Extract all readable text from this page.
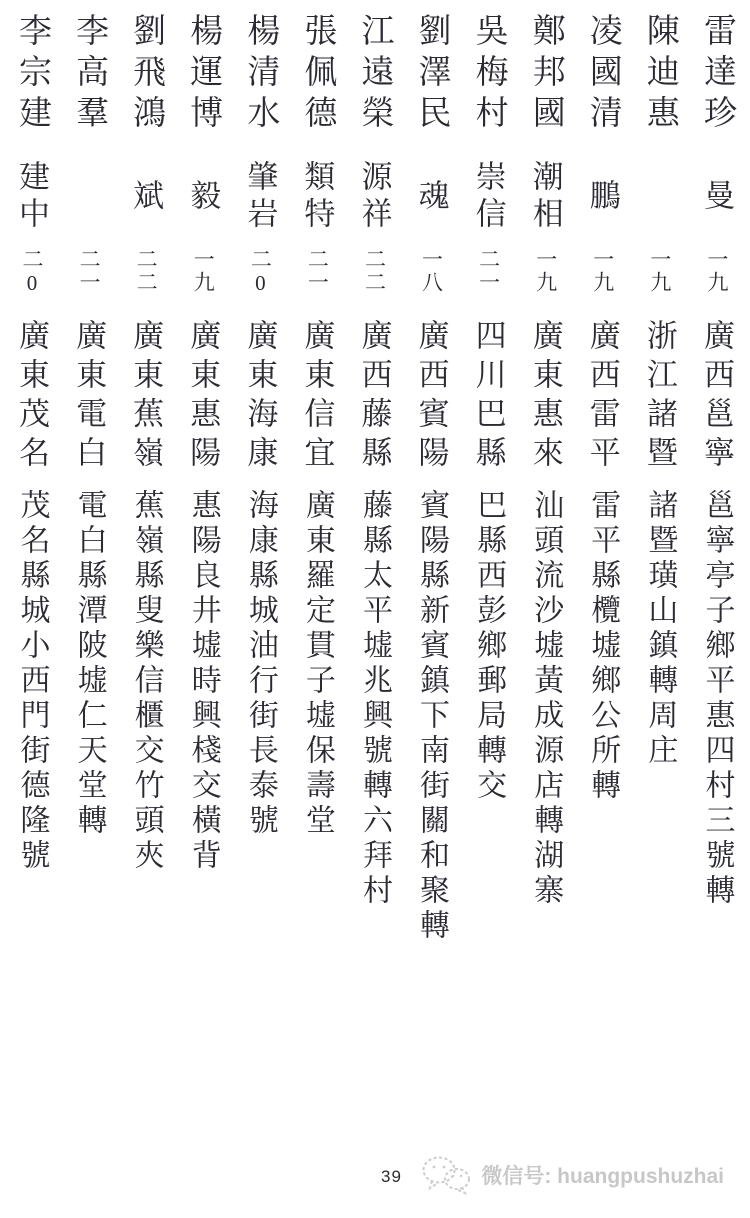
雷達珍
曼
一九
廣西邕寧
邕寧亭子鄉平惠四村三號轉
陳迪惠
一九
浙江諸暨
諸暨璜山鎮轉周庄
凌國清
鵬
一九
廣西雷平
雷平縣欖墟鄉公所轉
鄭邦國
潮相
一九
廣東惠來
汕頭流沙墟黃成源店轉湖寨
吳梅村
崇信
二一
四川巴縣
巴縣西彭鄉郵局轉交
劉澤民
魂
一八
廣西賓陽
賓陽縣新賓鎮下南街關和聚轉
江遠榮
源祥
二二
廣西藤縣
藤縣太平墟兆興號轉六拜村
張佩德
類特
二一
廣東信宜
廣東羅定貫子墟保壽堂
楊清水
肇岩
二0
廣東海康
海康縣城油行街長泰號
楊運博
毅
一九
廣東惠陽
惠陽良井墟時興棧交橫背
劉飛鴻
斌
二二
廣東蕉嶺
蕉嶺縣叟樂信櫃交竹頭夾
李高羣
二一
廣東電白
電白縣潭陂墟仁天堂轉
李宗建
建中
二0
廣東茂名
茂名縣城小西門街德隆號
39	微信号: huangpushuzhai
